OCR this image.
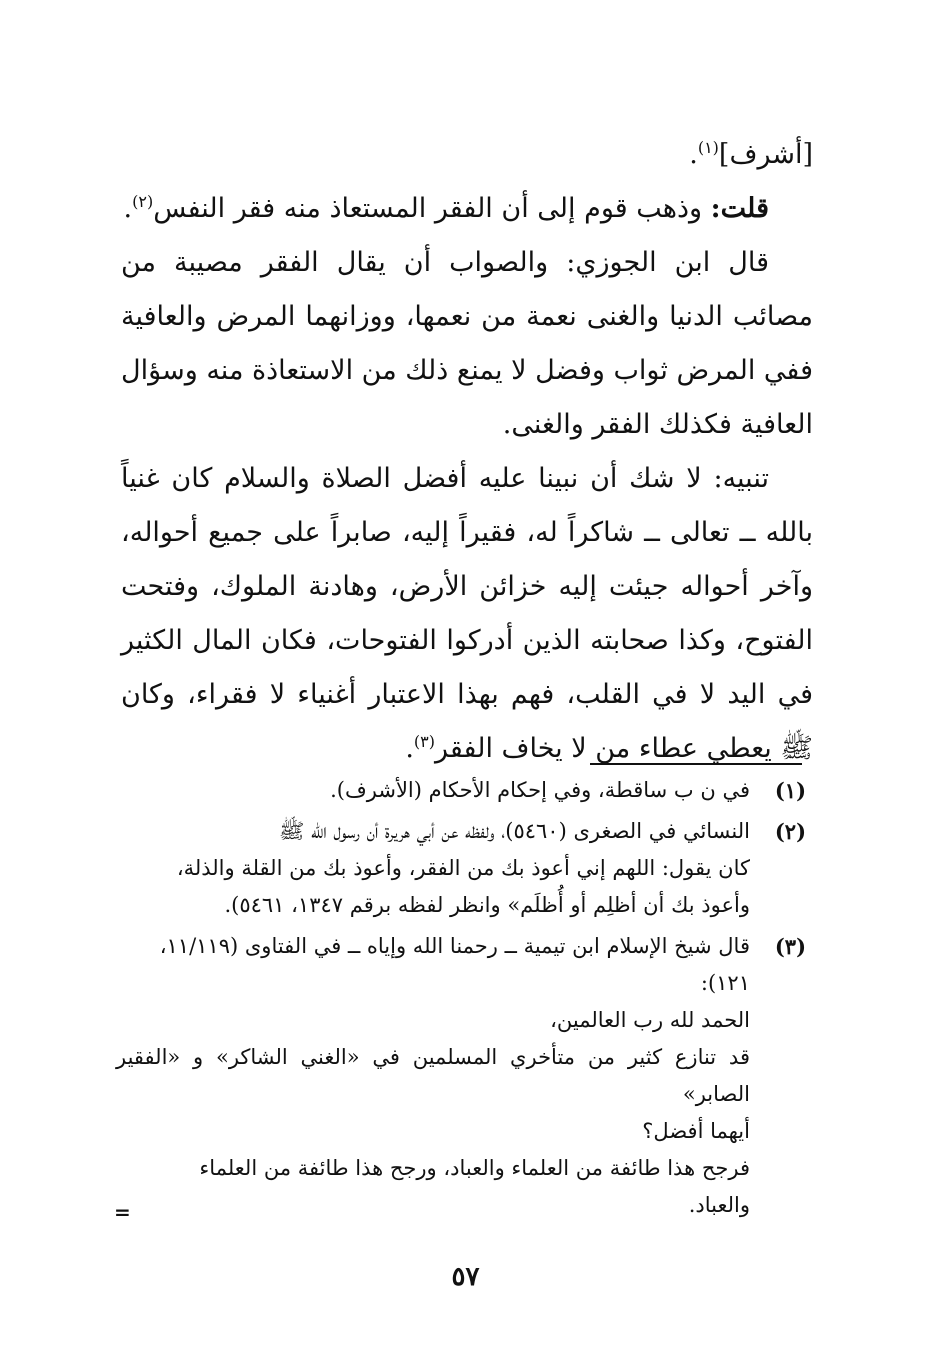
[أشرف]$^{(١)}$.

قلت: وذهب قوم إلى أن الفقر المستعاذ منه فقر النفس$^{(٢)}$.

قال ابن الجوزي: والصواب أن يقال الفقر مصيبة من مصائب الدنيا والغنى نعمة من نعمها، ووزانهما المرض والعافية ففي المرض ثواب وفضل لا يمنع ذلك من الاستعاذة منه وسؤال العافية فكذلك الفقر والغنى.

تنبيه: لا شك أن نبينا عليه أفضل الصلاة والسلام كان غنياً بالله ــ تعالى ــ شاكراً له، فقيراً إليه، صابراً على جميع أحواله، وآخر أحواله جيئت إليه خزائن الأرض، وهادنة الملوك، وفتحت الفتوح، وكذا صحابته الذين أدركوا الفتوحات، فكان المال الكثير في اليد لا في القلب، فهم بهذا الاعتبار أغنياء لا فقراء، وكان ﷺ يعطي عطاء من لا يخاف الفقر$^{(٣)}$.

(١)
في ن ب ساقطة، وفي إحكام الأحكام (الأشرف).
(٢)
النسائي في الصغرى (٥٤٦٠)، ولفظه عن أبي هريرة أن رسول الله ﷺ
كان يقول: اللهم إني أعوذ بك من الفقر، وأعوذ بك من القلة والذلة،
وأعوذ بك أن أظلِم أو أُظلَم» وانظر لفظه برقم ١٣٤٧، ٥٤٦١).
(٣)
قال شيخ الإسلام ابن تيمية ــ رحمنا الله وإياه ــ في الفتاوى (١١/١١٩،
١٢١):
الحمد لله رب العالمين،
قد تنازع كثير من متأخري المسلمين في «الغني الشاكر» و «الفقير الصابر»
أيهما أفضل؟
فرجح هذا طائفة من العلماء والعباد، ورجح هذا طائفة من العلماء
والعباد.
=
٥٧
